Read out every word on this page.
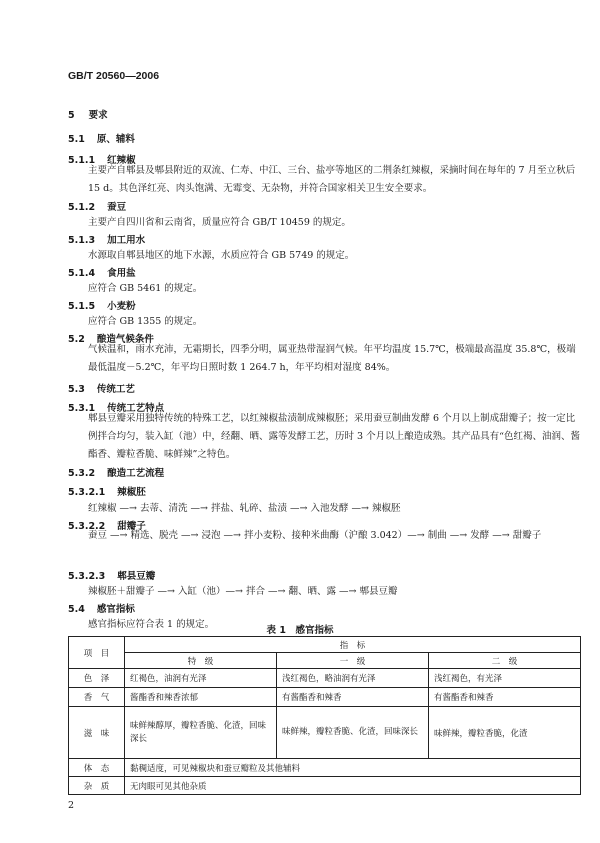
GB/T 20560—2006
5 要求
5.1 原、辅料
5.1.1 红辣椒
主要产自郫县及郫县附近的双流、仁寿、中江、三台、盐亭等地区的二荆条红辣椒，采摘时间在每年的 7 月至立秋后 15 d。其色泽红亮、肉头饱满、无霉变、无杂物，并符合国家相关卫生安全要求。
5.1.2 蚕豆
主要产自四川省和云南省，质量应符合 GB/T 10459 的规定。
5.1.3 加工用水
水源取自郫县地区的地下水源，水质应符合 GB 5749 的规定。
5.1.4 食用盐
应符合 GB 5461 的规定。
5.1.5 小麦粉
应符合 GB 1355 的规定。
5.2 酿造气候条件
气候温和，雨水充沛，无霜期长，四季分明，属亚热带湿润气候。年平均温度 15.7℃，极端最高温度 35.8℃，极端最低温度－5.2℃，年平均日照时数 1 264.7 h，年平均相对湿度 84%。
5.3 传统工艺
5.3.1 传统工艺特点
郫县豆瓣采用独特传统的特殊工艺，以红辣椒盐渍制成辣椒胚；采用蚕豆制曲发酵 6 个月以上制成甜瓣子；按一定比例拌合均匀，装入缸（池）中，经翻、晒、露等发酵工艺，历时 3 个月以上酿造成熟。其产品具有“色红褐、油润、酱酯香、瓣粒香脆、味鲜辣”之特色。
5.3.2 酿造工艺流程
5.3.2.1 辣椒胚
红辣椒 —→ 去蒂、清洗 —→ 拌盐、轧碎、盐渍 —→ 入池发酵 —→ 辣椒胚
5.3.2.2 甜瓣子
蚕豆 —→ 精选、脱壳 —→ 浸泡 —→ 拌小麦粉、接种米曲酶（沪酿 3.042）—→ 制曲 —→ 发酵 —→ 甜瓣子
5.3.2.3 郫县豆瓣
辣椒胚＋甜瓣子 —→ 入缸（池）—→ 拌合 —→ 翻、晒、露 —→ 郫县豆瓣
5.4 感官指标
感官指标应符合表 1 的规定。
表 1　感官指标
项　目	指　标		
	特　级	一　级	二　级
色　泽	红褐色，油润有光泽	浅红褐色，略油润有光泽	浅红褐色，有光泽
香　气	酱酯香和辣香浓郁	有酱酯香和辣香	有酱酯香和辣香
滋　味	味鲜辣醇厚，瓣粒香脆、化渣，回味深长	味鲜辣，瓣粒香脆、化渣，回味深长	味鲜辣，瓣粒香脆，化渣
体　态	黏稠适度，可见辣椒块和蚕豆瓣粒及其他辅料		
杂　质	无肉眼可见其他杂质		
2
